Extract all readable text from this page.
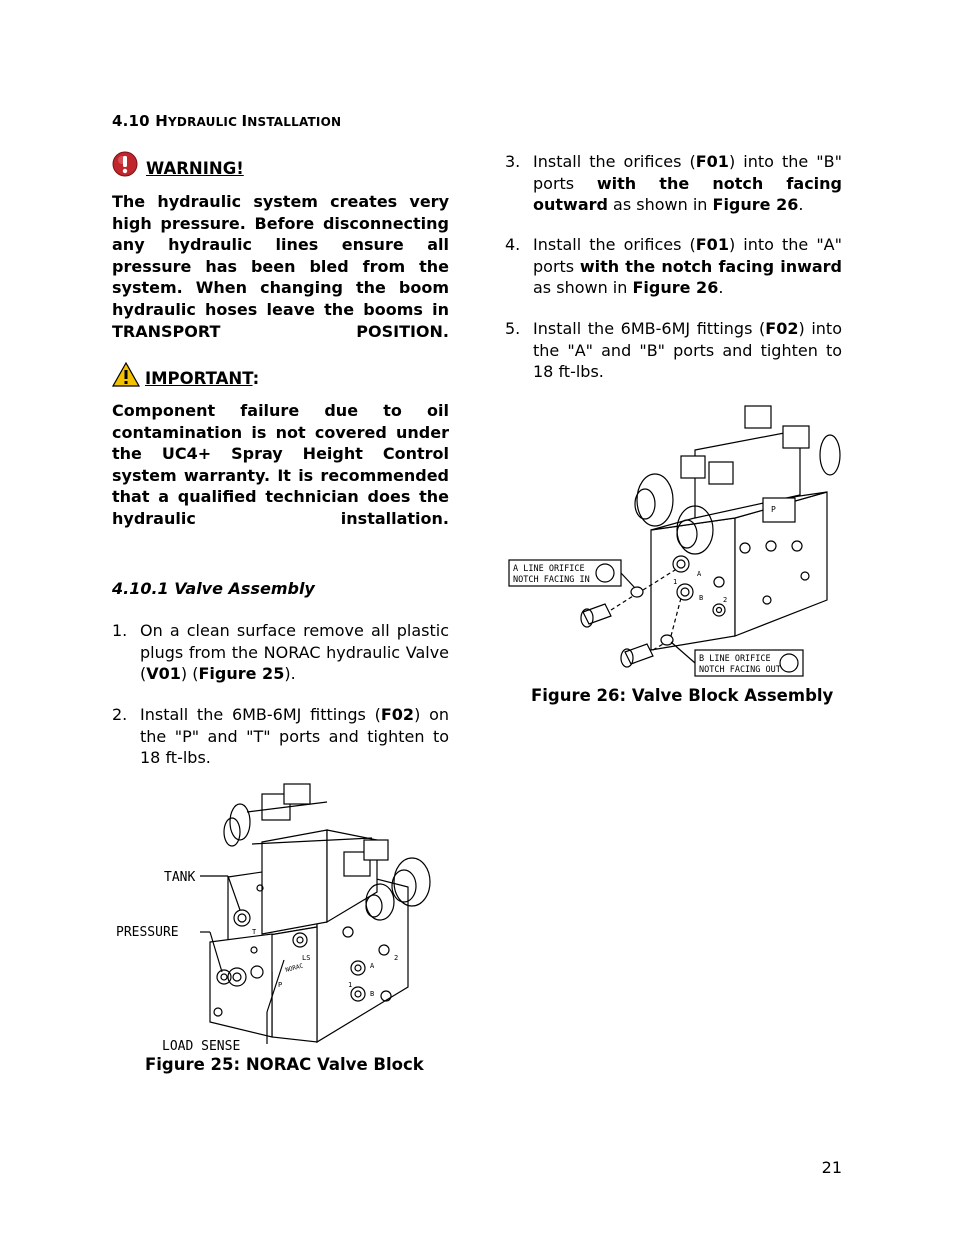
4.10 HYDRAULIC INSTALLATION
WARNING!

The hydraulic system creates very high pressure. Before disconnecting any hydraulic lines ensure all pressure has been bled from the system. When changing the boom hydraulic hoses leave the booms in TRANSPORT POSITION.

IMPORTANT:

Component failure due to oil contamination is not covered under the UC4+ Spray Height Control system warranty. It is recommended that a qualified technician does the hydraulic installation.

4.10.1 Valve Assembly
1. On a clean surface remove all plastic plugs from the NORAC hydraulic Valve (V01) (Figure 25).
2. Install the 6MB-6MJ fittings (F02) on the "P" and "T" ports and tighten to 18 ft-lbs.
3. Install the orifices (F01) into the "B" ports with the notch facing outward as shown in Figure 26.
4. Install the orifices (F01) into the "A" ports with the notch facing inward as shown in Figure 26.
5. Install the 6MB-6MJ fittings (F02) into the "A" and "B" ports and tighten to 18 ft-lbs.
TANK
PRESSURE
LOAD SENSE
T
LS
A
B
1
2
P
NORAC
Figure 25: NORAC Valve Block
A LINE ORIFICE
NOTCH FACING IN
B LINE ORIFICE
NOTCH FACING OUT
A
B
1
2
P
Figure 26: Valve Block Assembly
21
